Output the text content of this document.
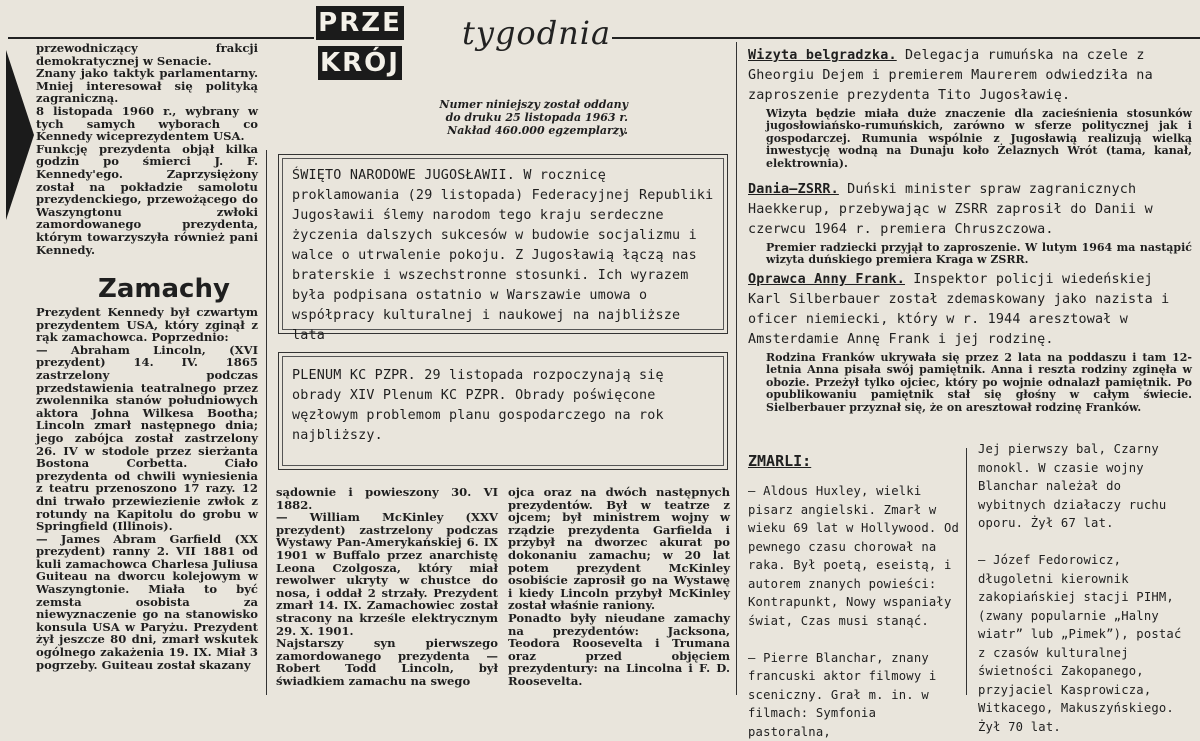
PRZE
KRÓJ
tygodnia
Numer niniejszy został oddany
do druku 25 listopada 1963 r.
Nakład 460.000 egzemplarzy.
przewodniczący frakcji demokratycznej w Senacie.
Znany jako taktyk parlamentarny. Mniej interesował się polityką zagraniczną.
8 listopada 1960 r., wybrany w tych samych wyborach co Kennedy wiceprezydentem USA.
Funkcję prezydenta objął kilka godzin po śmierci J. F. Kennedy'ego. Zaprzysiężony został na pokładzie samolotu prezydenckiego, przewożącego do Waszyngtonu zwłoki zamordowanego prezydenta, którym towarzyszyła również pani Kennedy.
Zamachy
Prezydent Kennedy był czwartym prezydentem USA, który zginął z rąk zamachowca. Poprzednio:
— Abraham Lincoln, (XVI prezydent) 14. IV. 1865 zastrzelony podczas przedstawienia teatralnego przez zwolennika stanów południowych aktora Johna Wilkesa Bootha; Lincoln zmarł następnego dnia; jego zabójca został zastrzelony 26. IV w stodole przez sierżanta Bostona Corbetta. Ciało prezydenta od chwili wyniesienia z teatru przenoszono 17 razy. 12 dni trwało przewiezienie zwłok z rotundy na Kapitolu do grobu w Springfield (Illinois).
— James Abram Garfield (XX prezydent) ranny 2. VII 1881 od kuli zamachowca Charlesa Juliusa Guiteau na dworcu kolejowym w Waszyngtonie. Miała to być zemsta osobista za niewyznaczenie go na stanowisko konsula USA w Paryżu. Prezydent żył jeszcze 80 dni, zmarł wskutek ogólnego zakażenia 19. IX. Miał 3 pogrzeby. Guiteau został skazany
ŚWIĘTO NARODOWE JUGOSŁAWII. W rocznicę proklamowania (29 listopada) Federacyjnej Republiki Jugosławii ślemy narodom tego kraju serdeczne życzenia dalszych sukcesów w budowie socjalizmu i walce o utrwalenie pokoju. Z Jugosławią łączą nas braterskie i wszechstronne stosunki. Ich wyrazem była podpisana ostatnio w Warszawie umowa o współpracy kulturalnej i naukowej na najbliższe lata
PLENUM KC PZPR. 29 listopada rozpoczynają się obrady XIV Plenum KC PZPR. Obrady poświęcone węzłowym problemom planu gospodarczego na rok najbliższy.
sądownie i powieszony 30. VI 1882.
— William McKinley (XXV prezydent) zastrzelony podczas Wystawy Pan-Amerykańskiej 6. IX 1901 w Buffalo przez anarchistę Leona Czolgosza, który miał rewolwer ukryty w chustce do nosa, i oddał 2 strzały. Prezydent zmarł 14. IX. Zamachowiec został stracony na krześle elektrycznym 29. X. 1901.
Najstarszy syn pierwszego zamordowanego prezydenta — Robert Todd Lincoln, był świadkiem zamachu na swego
ojca oraz na dwóch następnych prezydentów. Był w teatrze z ojcem; był ministrem wojny w rządzie prezydenta Garfielda i przybył na dworzec akurat po dokonaniu zamachu; w 20 lat potem prezydent McKinley osobiście zaprosił go na Wystawę i kiedy Lincoln przybył McKinley został właśnie raniony.
Ponadto były nieudane zamachy na prezydentów: Jacksona, Teodora Roosevelta i Trumana oraz przed objęciem prezydentury: na Lincolna i F. D. Roosevelta.
Wizyta belgradzka. Delegacja rumuńska na czele z Gheorgiu Dejem i premierem Maurerem odwiedziła na zaproszenie prezydenta Tito Jugosławię.
Wizyta będzie miała duże znaczenie dla zacieśnienia stosunków jugosłowiańsko-rumuńskich, zarówno w sferze politycznej jak i gospodarczej. Rumunia wspólnie z Jugosławią realizują wielką inwestycję wodną na Dunaju koło Żelaznych Wrót (tama, kanał, elektrownia).
Dania—ZSRR. Duński minister spraw zagranicznych Haekkerup, przebywając w ZSRR zaprosił do Danii w czerwcu 1964 r. premiera Chruszczowa.
Premier radziecki przyjął to zaproszenie. W lutym 1964 ma nastąpić wizyta duńskiego premiera Kraga w ZSRR.
Oprawca Anny Frank. Inspektor policji wiedeńskiej Karl Silberbauer został zdemaskowany jako nazista i oficer niemiecki, który w r. 1944 aresztował w Amsterdamie Annę Frank i jej rodzinę.
Rodzina Franków ukrywała się przez 2 lata na poddaszu i tam 12-letnia Anna pisała swój pamiętnik. Anna i reszta rodziny zginęła w obozie. Przeżył tylko ojciec, który po wojnie odnalazł pamiętnik. Po opublikowaniu pamiętnik stał się głośny w całym świecie. Sielberbauer przyznał się, że on aresztował rodzinę Franków.
ZMARLI:
— Aldous Huxley, wielki pisarz angielski. Zmarł w wieku 69 lat w Hollywood. Od pewnego czasu chorował na raka. Był poetą, eseistą, i autorem znanych powieści: Kontrapunkt, Nowy wspaniały świat, Czas musi stanąć.

— Pierre Blanchar, znany francuski aktor filmowy i sceniczny. Grał m. in. w filmach: Symfonia pastoralna,
Jej pierwszy bal, Czarny monokl. W czasie wojny Blanchar należał do wybitnych działaczy ruchu oporu. Żył 67 lat.

— Józef Fedorowicz, długoletni kierownik zakopiańskiej stacji PIHM, (zwany popularnie „Halny wiatr” lub „Pimek”), postać z czasów kulturalnej świetności Zakopanego, przyjaciel Kasprowicza, Witkacego, Makuszyńskiego. Żył 70 lat.
